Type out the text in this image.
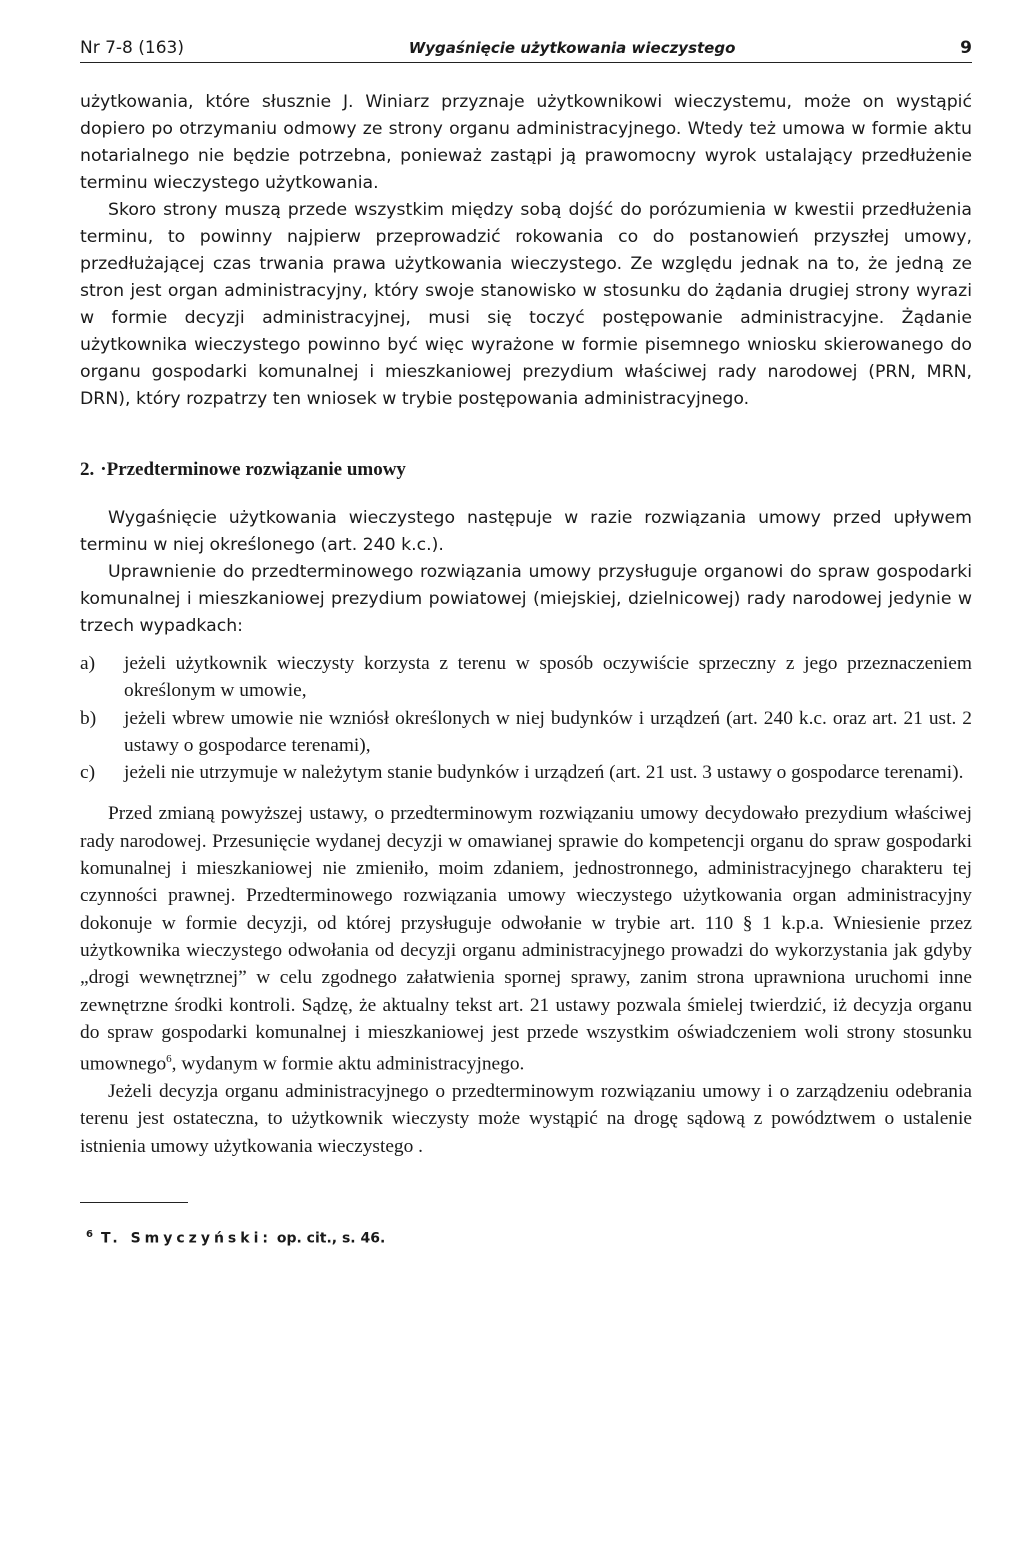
Nr 7-8 (163)	Wygaśnięcie użytkowania wieczystego	9

użytkowania, które słusznie J. Winiarz przyznaje użytkownikowi wieczystemu, może on wystąpić dopiero po otrzymaniu odmowy ze strony organu administracyjnego. Wtedy też umowa w formie aktu notarialnego nie będzie potrzebna, ponieważ zastąpi ją prawomocny wyrok ustalający przedłużenie terminu wieczystego użytkowania.

Skoro strony muszą przede wszystkim między sobą dojść do porózumienia w kwestii przedłużenia terminu, to powinny najpierw przeprowadzić rokowania co do postanowień przyszłej umowy, przedłużającej czas trwania prawa użytkowania wieczystego. Ze względu jednak na to, że jedną ze stron jest organ administracyjny, który swoje stanowisko w stosunku do żądania drugiej strony wyrazi w formie decyzji administracyjnej, musi się toczyć postępowanie administracyjne. Żądanie użytkownika wieczystego powinno być więc wyrażone w formie pisemnego wniosku skierowanego do organu gospodarki komunalnej i mieszkaniowej prezydium właściwej rady narodowej (PRN, MRN, DRN), który rozpatrzy ten wniosek w trybie postępowania administracyjnego.

2. ·Przedterminowe rozwiązanie umowy

Wygaśnięcie użytkowania wieczystego następuje w razie rozwiązania umowy przed upływem terminu w niej określonego (art. 240 k.c.).

Uprawnienie do przedterminowego rozwiązania umowy przysługuje organowi do spraw gospodarki komunalnej i mieszkaniowej prezydium powiatowej (miejskiej, dzielnicowej) rady narodowej jedynie w trzech wypadkach:

a) jeżeli użytkownik wieczysty korzysta z terenu w sposób oczywiście sprzeczny z jego przeznaczeniem określonym w umowie,
b) jeżeli wbrew umowie nie wzniósł określonych w niej budynków i urządzeń (art. 240 k.c. oraz art. 21 ust. 2 ustawy o gospodarce terenami),
c) jeżeli nie utrzymuje w należytym stanie budynków i urządzeń (art. 21 ust. 3 ustawy o gospodarce terenami).

Przed zmianą powyższej ustawy, o przedterminowym rozwiązaniu umowy decydowało prezydium właściwej rady narodowej. Przesunięcie wydanej decyzji w omawianej sprawie do kompetencji organu do spraw gospodarki komunalnej i mieszkaniowej nie zmieniło, moim zdaniem, jednostronnego, administracyjnego charakteru tej czynności prawnej. Przedterminowego rozwiązania umowy wieczystego użytkowania organ administracyjny dokonuje w formie decyzji, od której przysługuje odwołanie w trybie art. 110 § 1 k.p.a. Wniesienie przez użytkownika wieczystego odwołania od decyzji organu administracyjnego prowadzi do wykorzystania jak gdyby „drogi wewnętrznej” w celu zgodnego załatwienia spornej sprawy, zanim strona uprawniona uruchomi inne zewnętrzne środki kontroli. Sądzę, że aktualny tekst art. 21 ustawy pozwala śmielej twierdzić, iż decyzja organu do spraw gospodarki komunalnej i mieszkaniowej jest przede wszystkim oświadczeniem woli strony stosunku umownego$^6$, wydanym w formie aktu administracyjnego.

Jeżeli decyzja organu administracyjnego o przedterminowym rozwiązaniu umowy i o zarządzeniu odebrania terenu jest ostateczna, to użytkownik wieczysty może wystąpić na drogę sądową z powództwem o ustalenie istnienia umowy użytkowania wieczystego .

$^6$ T. Smyczyński: op. cit., s. 46.
